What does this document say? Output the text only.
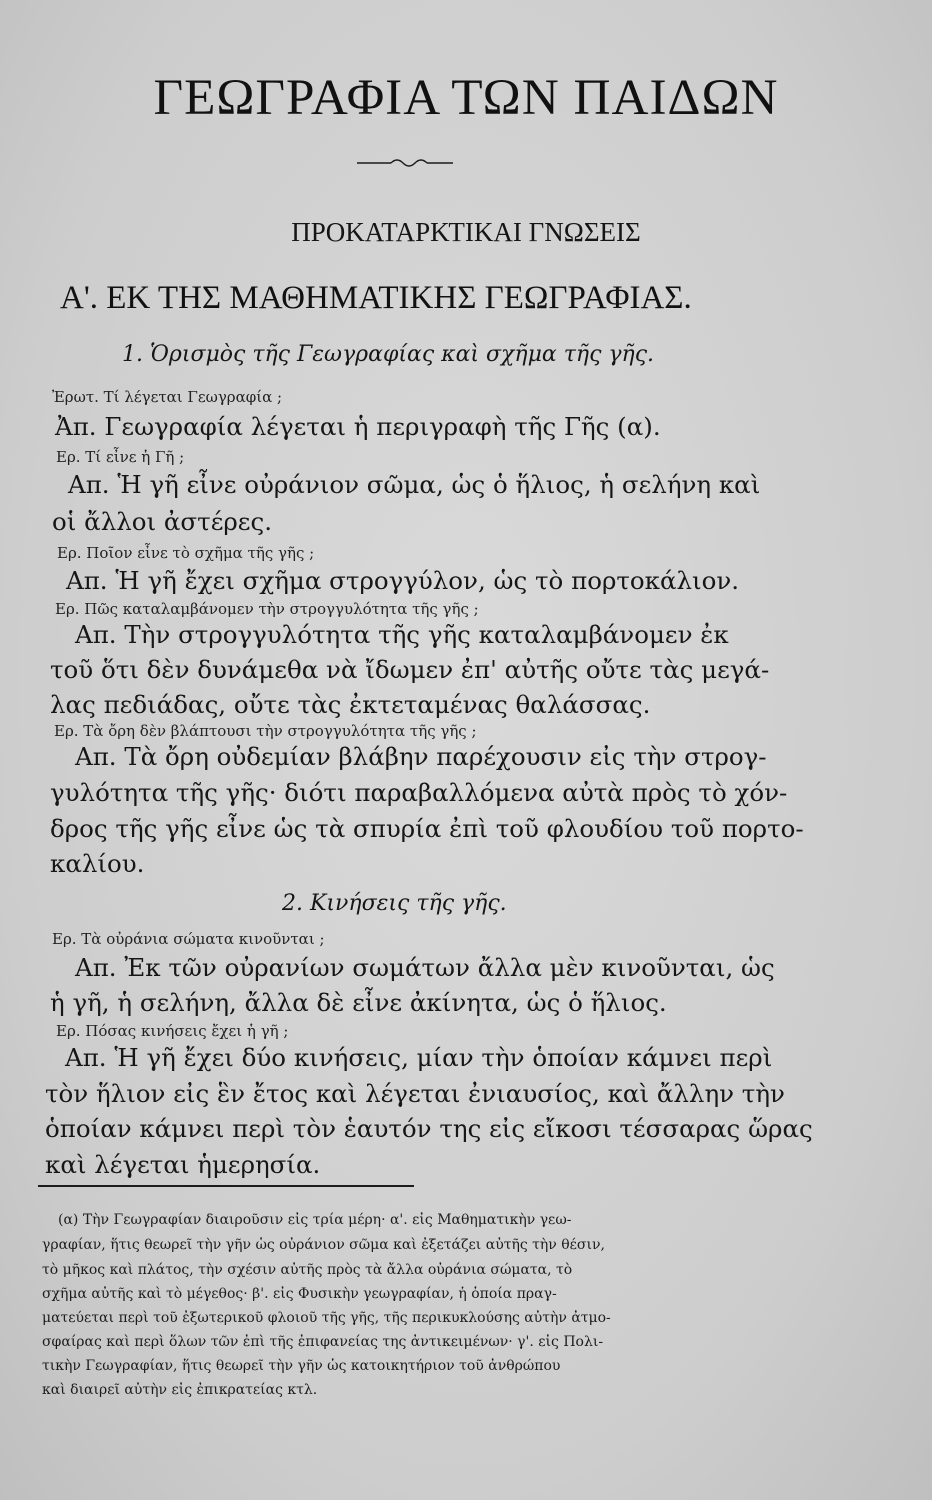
ΓΕΩΓΡΑΦΙΑ ΤΩΝ ΠΑΙΔΩΝ
ΠΡΟΚΑΤΑΡΚΤΙΚΑΙ ΓΝΩΣΕΙΣ
Α'. ΕΚ ΤΗΣ ΜΑΘΗΜΑΤΙΚΗΣ ΓΕΩΓΡΑΦΙΑΣ.
1. Ὁρισμὸς τῆς Γεωγραφίας καὶ σχῆμα τῆς γῆς.
Ἐρωτ. Τί λέγεται Γεωγραφία ;
Ἀπ. Γεωγραφία λέγεται ἡ περιγραφὴ τῆς Γῆς (α).
Ερ. Τί εἶνε ἡ Γῆ ;
Απ. Ἡ γῆ εἶνε οὐράνιον σῶμα, ὡς ὁ ἥλιος, ἡ σελήνη καὶ
οἱ ἄλλοι ἀστέρες.
Ερ. Ποῖον εἶνε τὸ σχῆμα τῆς γῆς ;
Απ. Ἡ γῆ ἔχει σχῆμα στρογγύλον, ὡς τὸ πορτοκάλιον.
Ερ. Πῶς καταλαμβάνομεν τὴν στρογγυλότητα τῆς γῆς ;
Απ. Τὴν στρογγυλότητα τῆς γῆς καταλαμβάνομεν ἐκ
τοῦ ὅτι δὲν δυνάμεθα νὰ ἴδωμεν ἐπ' αὐτῆς οὔτε τὰς μεγά-
λας πεδιάδας, οὔτε τὰς ἐκτεταμένας θαλάσσας.
Ερ. Τὰ ὄρη δὲν βλάπτουσι τὴν στρογγυλότητα τῆς γῆς ;
Απ. Τὰ ὄρη οὐδεμίαν βλάβην παρέχουσιν εἰς τὴν στρογ-
γυλότητα τῆς γῆς· διότι παραβαλλόμενα αὐτὰ πρὸς τὸ χόν-
δρος τῆς γῆς εἶνε ὡς τὰ σπυρία ἐπὶ τοῦ φλουδίου τοῦ πορτο-
καλίου.
2. Κινήσεις τῆς γῆς.
Ερ. Τὰ οὐράνια σώματα κινοῦνται ;
Απ. Ἐκ τῶν οὐρανίων σωμάτων ἄλλα μὲν κινοῦνται, ὡς
ἡ γῆ, ἡ σελήνη, ἄλλα δὲ εἶνε ἀκίνητα, ὡς ὁ ἥλιος.
Ερ. Πόσας κινήσεις ἔχει ἡ γῆ ;
Απ. Ἡ γῆ ἔχει δύο κινήσεις, μίαν τὴν ὁποίαν κάμνει περὶ
τὸν ἥλιον εἰς ἓν ἔτος καὶ λέγεται ἐνιαυσίος, καὶ ἄλλην τὴν
ὁποίαν κάμνει περὶ τὸν ἑαυτόν της εἰς εἴκοσι τέσσαρας ὥρας
καὶ λέγεται ἡμερησία.
(α) Τὴν Γεωγραφίαν διαιροῦσιν εἰς τρία μέρη· α'. εἰς Μαθηματικὴν γεω-
γραφίαν, ἥτις θεωρεῖ τὴν γῆν ὡς οὐράνιον σῶμα καὶ ἐξετάζει αὐτῆς τὴν θέσιν,
τὸ μῆκος καὶ πλάτος, τὴν σχέσιν αὐτῆς πρὸς τὰ ἄλλα οὐράνια σώματα, τὸ
σχῆμα αὐτῆς καὶ τὸ μέγεθος· β'. εἰς Φυσικὴν γεωγραφίαν, ἡ ὁποία πραγ-
ματεύεται περὶ τοῦ ἐξωτερικοῦ φλοιοῦ τῆς γῆς, τῆς περικυκλούσης αὐτὴν ἀτμο-
σφαίρας καὶ περὶ ὅλων τῶν ἐπὶ τῆς ἐπιφανείας της ἀντικειμένων· γ'. εἰς Πολι-
τικὴν Γεωγραφίαν, ἥτις θεωρεῖ τὴν γῆν ὡς κατοικητήριον τοῦ ἀνθρώπου
καὶ διαιρεῖ αὐτὴν εἰς ἐπικρατείας κτλ.
